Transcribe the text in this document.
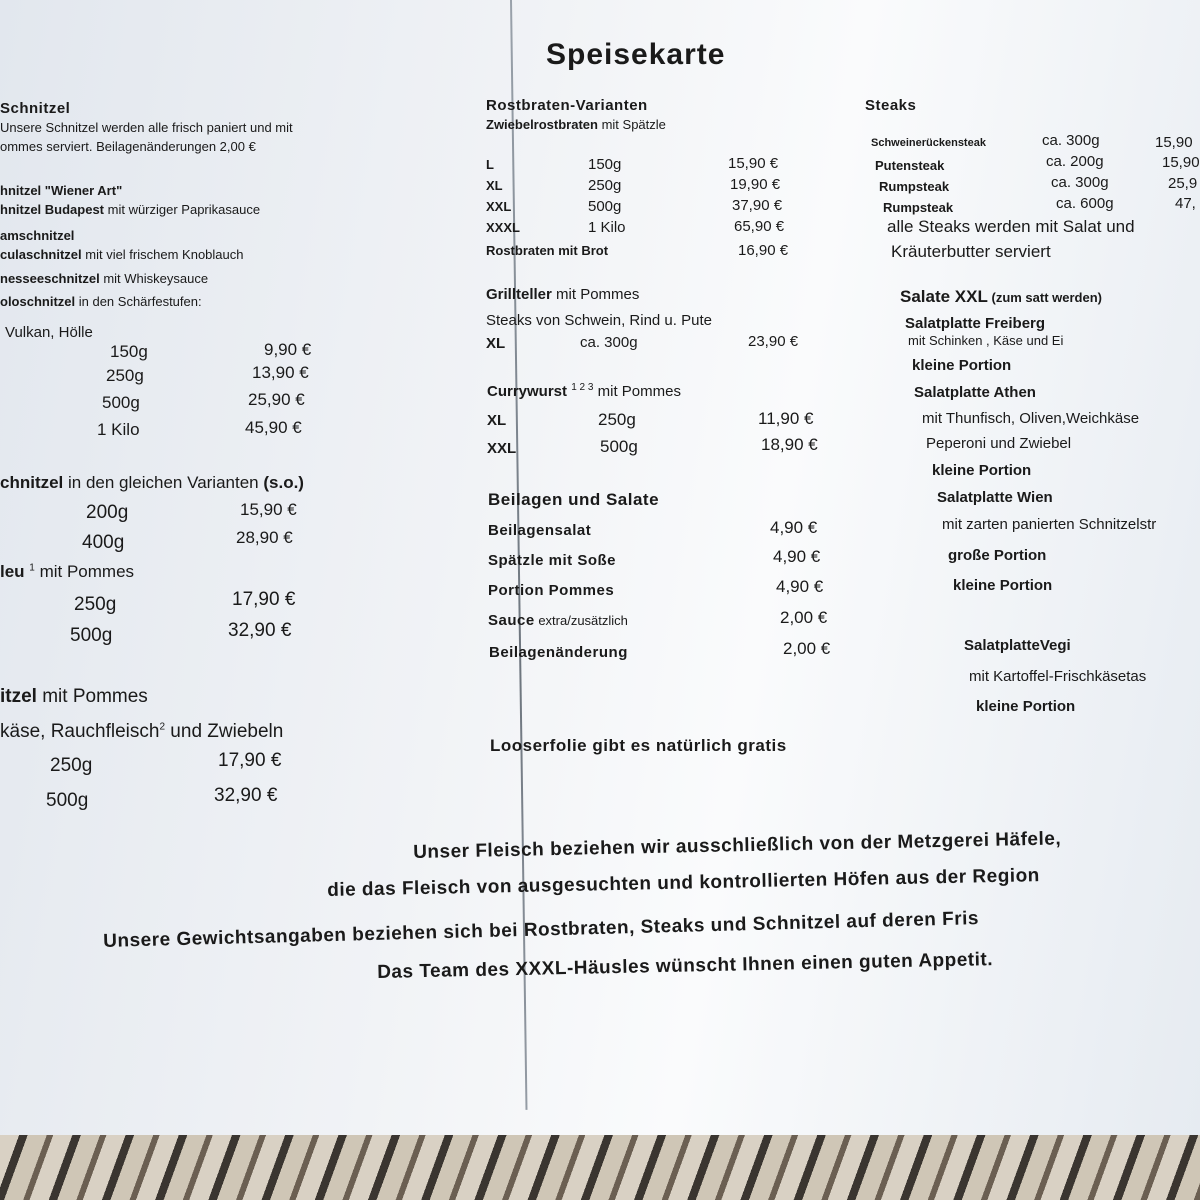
Speisekarte
Schnitzel
Unsere Schnitzel werden alle frisch paniert und mit
ommes serviert. Beilagenänderungen 2,00 €
hnitzel "Wiener Art"
hnitzel Budapest mit würziger Paprikasauce
amschnitzel
culaschnitzel mit viel frischem Knoblauch
nesseeschnitzel mit Whiskeysauce
oloschnitzel in den Schärfestufen:
Vulkan, Hölle
150g	9,90 €
250g	13,90 €
500g	25,90 €
1 Kilo	45,90 €
chnitzel in den gleichen Varianten (s.o.)
200g	15,90 €
400g	28,90 €
leu $^1$ mit Pommes
250g	17,90 €
500g	32,90 €
itzel mit Pommes
käse, Rauchfleisch$^2$ und Zwiebeln
250g	17,90 €
500g	32,90 €
Rostbraten-Varianten
Zwiebelrostbraten mit Spätzle
L	150g	15,90 €
XL	250g	19,90 €
XXL	500g	37,90 €
XXXL	1 Kilo	65,90 €
Rostbraten mit Brot	16,90 €
Grillteller mit Pommes
Steaks von Schwein, Rind u. Pute
XL	ca. 300g	23,90 €
Currywurst $^{1 2 3}$ mit Pommes
XL	250g	11,90 €
XXL	500g	18,90 €
Beilagen und Salate
Beilagensalat	4,90 €
Spätzle mit Soße	4,90 €
Portion Pommes	4,90 €
Sauce extra/zusätzlich	2,00 €
Beilagenänderung	2,00 €
Looserfolie gibt es natürlich gratis
Steaks
Schweinerückensteak	ca. 300g	15,90
Putensteak	ca. 200g	15,90
Rumpsteak	ca. 300g	25,9
Rumpsteak	ca. 600g	47,
alle Steaks werden mit Salat und
Kräuterbutter serviert
Salate XXL (zum satt werden)
Salatplatte Freiberg
mit Schinken , Käse und Ei
kleine Portion
Salatplatte Athen
mit Thunfisch, Oliven,Weichkäse
Peperoni und Zwiebel
kleine Portion
Salatplatte Wien
mit zarten panierten Schnitzelstr
große Portion
kleine Portion
SalatplatteVegi
mit Kartoffel-Frischkäsetas
kleine Portion
Unser Fleisch beziehen wir ausschließlich von der Metzgerei Häfele,
die das Fleisch von ausgesuchten und kontrollierten Höfen aus der Region
Unsere Gewichtsangaben beziehen sich bei Rostbraten, Steaks und Schnitzel auf deren Fris
Das Team des XXXL-Häusles wünscht Ihnen einen guten Appetit.
